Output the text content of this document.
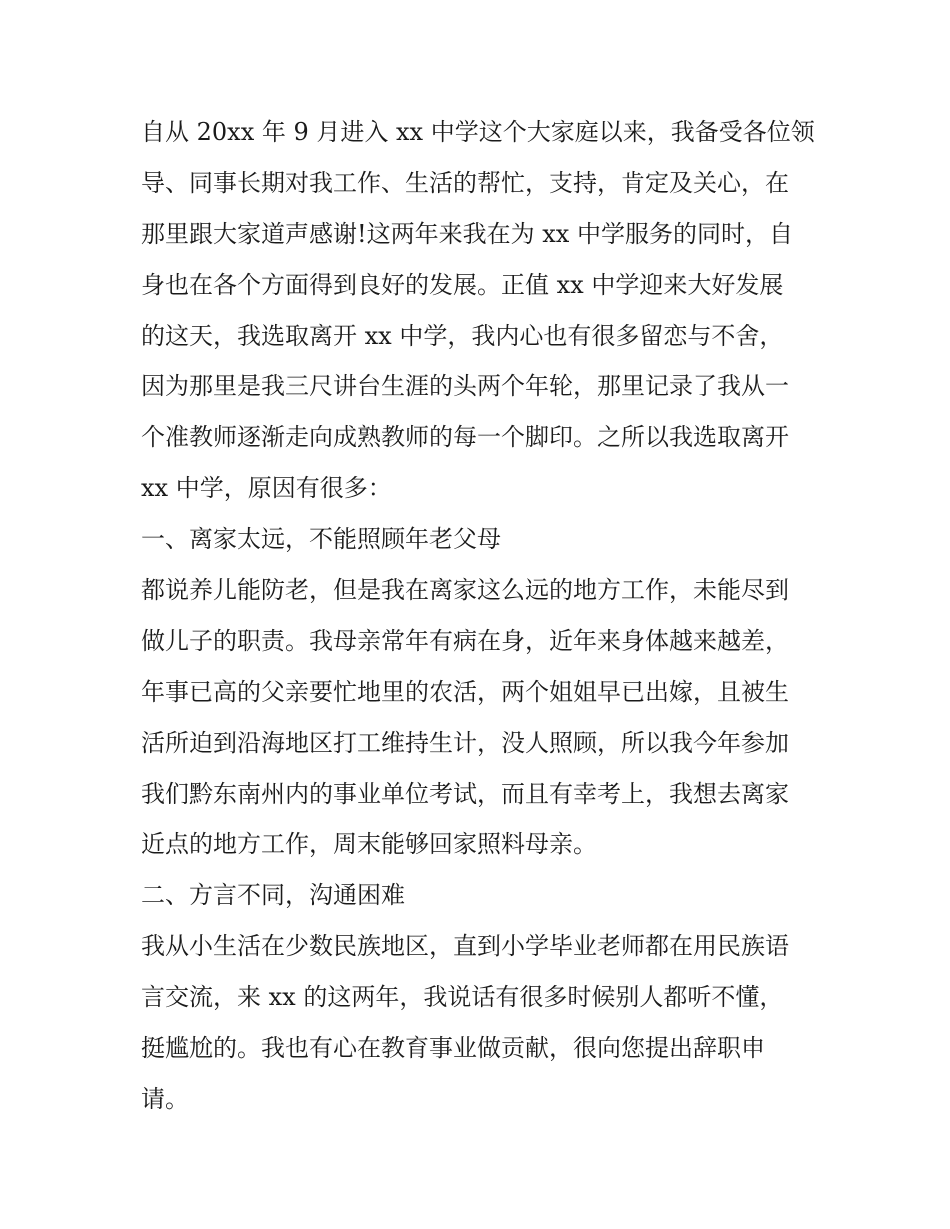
自从 20xx 年 9 月进入 xx 中学这个大家庭以来，我备受各位领
导、同事长期对我工作、生活的帮忙，支持，肯定及关心，在
那里跟大家道声感谢!这两年来我在为 xx 中学服务的同时，自
身也在各个方面得到良好的发展。正值 xx 中学迎来大好发展
的这天，我选取离开 xx 中学，我内心也有很多留恋与不舍，
因为那里是我三尺讲台生涯的头两个年轮，那里记录了我从一
个准教师逐渐走向成熟教师的每一个脚印。之所以我选取离开
xx 中学，原因有很多：
一、离家太远，不能照顾年老父母
都说养儿能防老，但是我在离家这么远的地方工作，未能尽到
做儿子的职责。我母亲常年有病在身，近年来身体越来越差，
年事已高的父亲要忙地里的农活，两个姐姐早已出嫁，且被生
活所迫到沿海地区打工维持生计，没人照顾，所以我今年参加
我们黔东南州内的事业单位考试，而且有幸考上，我想去离家
近点的地方工作，周末能够回家照料母亲。
二、方言不同，沟通困难
我从小生活在少数民族地区，直到小学毕业老师都在用民族语
言交流，来 xx 的这两年，我说话有很多时候别人都听不懂，
挺尴尬的。我也有心在教育事业做贡献，很向您提出辞职申
请。
